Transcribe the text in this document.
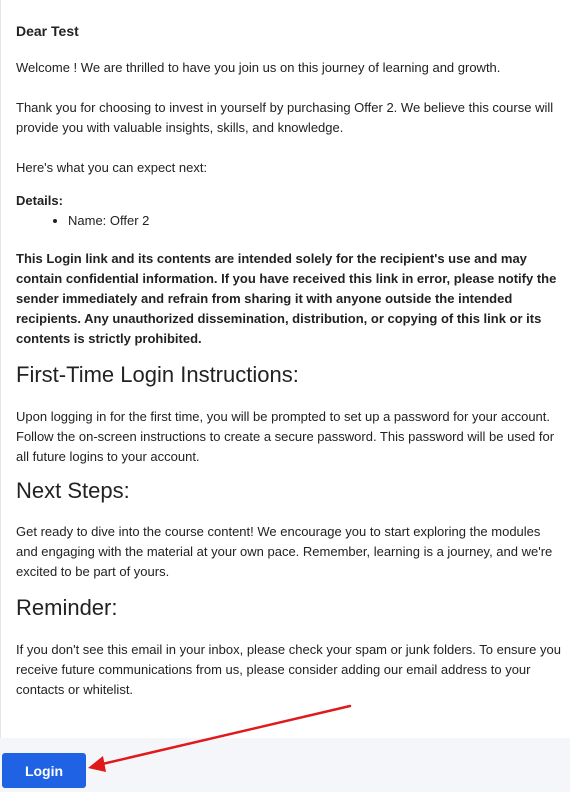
Dear Test

Welcome ! We are thrilled to have you join us on this journey of learning and growth.

Thank you for choosing to invest in yourself by purchasing Offer 2. We believe this course will provide you with valuable insights, skills, and knowledge.

Here's what you can expect next:

Details:
• Name: Offer 2

This Login link and its contents are intended solely for the recipient's use and may contain confidential information. If you have received this link in error, please notify the sender immediately and refrain from sharing it with anyone outside the intended recipients. Any unauthorized dissemination, distribution, or copying of this link or its contents is strictly prohibited.

First-Time Login Instructions:

Upon logging in for the first time, you will be prompted to set up a password for your account. Follow the on-screen instructions to create a secure password. This password will be used for all future logins to your account.

Next Steps:

Get ready to dive into the course content! We encourage you to start exploring the modules and engaging with the material at your own pace. Remember, learning is a journey, and we're excited to be part of yours.

Reminder:

If you don't see this email in your inbox, please check your spam or junk folders. To ensure you receive future communications from us, please consider adding our email address to your contacts or whitelist.

Login
